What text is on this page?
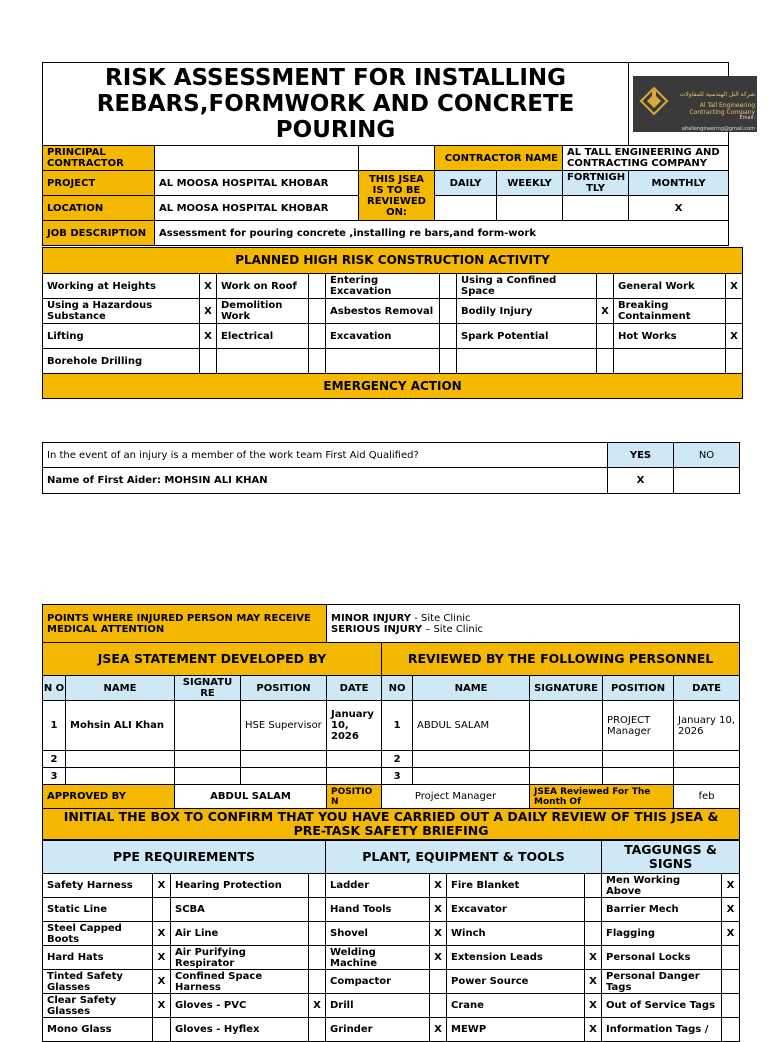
RISK ASSESSMENT FOR INSTALLING REBARS,FORMWORK AND CONCRETE POURING						شركة التل الهندسية للمقاولات
Al Tall Engineering Contracting Company
Email: altallengineering@gmail.com

PRINCIPAL CONTRACTOR			CONTRACTOR NAME		AL TALL ENGINEERING AND CONTRACTING COMPANY	
PROJECT	AL MOOSA HOSPITAL KHOBAR	THIS JSEA IS TO BE REVIEWED ON:	DAILY	WEEKLY	FORTNIGH TLY	MONTHLY
LOCATION	AL MOOSA HOSPITAL KHOBAR					X
JOB DESCRIPTION	Assessment for pouring concrete ,installing re bars,and form-work					
PLANNED HIGH RISK CONSTRUCTION ACTIVITY									
Working at Heights	X	Work on Roof		Entering Excavation		Using a Confined Space		General Work	X
Using a Hazardous Substance	X	Demolition Work		Asbestos Removal		Bodily Injury	X	Breaking Containment	
Lifting	X	Electrical		Excavation		Spark Potential		Hot Works	X
Borehole Drilling									
EMERGENCY ACTION									
In the event of an injury is a member of the work team First Aid Qualified?	YES	NO
Name of First Aider: MOHSIN ALI KHAN	X	
POINTS WHERE INJURED PERSON MAY RECEIVE MEDICAL ATTENTION	
MINOR INJURY - Site Clinic
SERIOUS INJURY – Site Clinic
JSEA STATEMENT DEVELOPED BY					REVIEWED BY THE FOLLOWING PERSONNEL				
N O	NAME	SIGNATU RE	POSITION	DATE	NO	NAME	SIGNATURE	POSITION	DATE
1	Mohsin ALI Khan		HSE Supervisor	January 10, 2026	1	ABDUL SALAM		PROJECT Manager	January 10, 2026
2					2				
3					3				
APPROVED BY		ABDUL SALAM		POSITIO N	Project Manager		JSEA Reviewed For The Month Of		feb
INITIAL THE BOX TO CONFIRM THAT YOU HAVE CARRIED OUT A DAILY REVIEW OF THIS JSEA & PRE-TASK SAFETY BRIEFING									
PPE REQUIREMENTS				PLANT, EQUIPMENT & TOOLS				TAGGUNGS & SIGNS	
Safety Harness	X	Hearing Protection		Ladder	X	Fire Blanket		Men Working Above	X
Static Line		SCBA		Hand Tools	X	Excavator		Barrier Mech	X
Steel Capped Boots	X	Air Line		Shovel	X	Winch		Flagging	X
Hard Hats	X	Air Purifying Respirator		Welding Machine	X	Extension Leads	X	Personal Locks	
Tinted Safety Glasses	X	Confined Space Harness		Compactor		Power Source	X	Personal Danger Tags	
Clear Safety Glasses	X	Gloves - PVC	X	Drill		Crane	X	Out of Service Tags	
Mono Glass		Gloves - Hyflex		Grinder	X	MEWP	X	Information Tags /	
